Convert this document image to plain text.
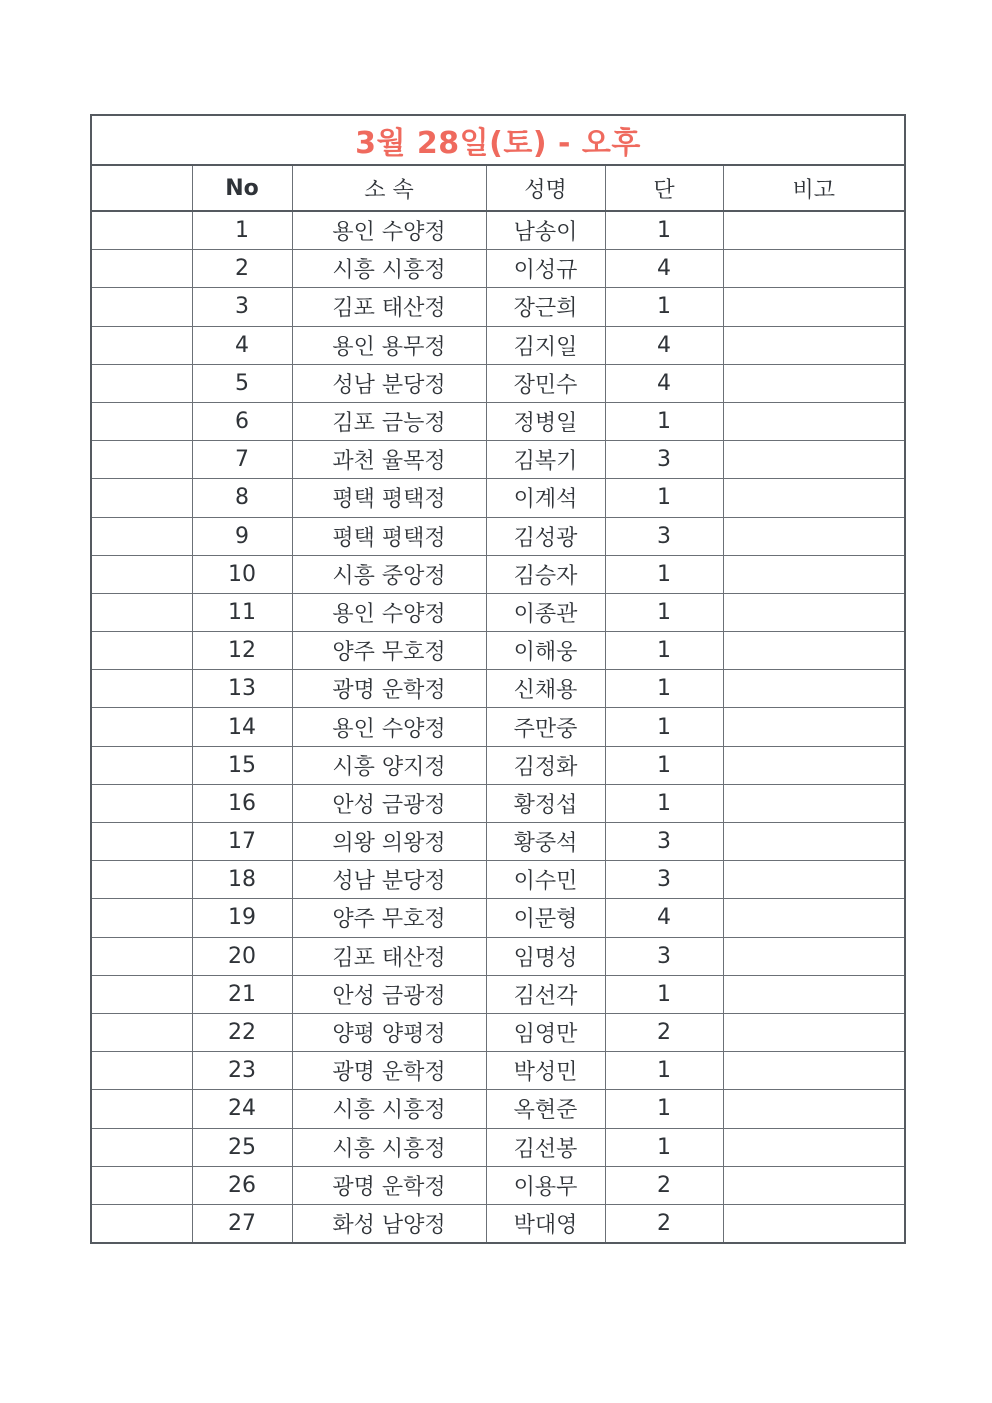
3월 28일(토) - 오후
	No	소 속	성명	단	비고
	1	용인 수양정	남송이	1	
	2	시흥 시흥정	이성규	4	
	3	김포 태산정	장근희	1	
	4	용인 용무정	김지일	4	
	5	성남 분당정	장민수	4	
	6	김포 금능정	정병일	1	
	7	과천 율목정	김복기	3	
	8	평택 평택정	이계석	1	
	9	평택 평택정	김성광	3	
	10	시흥 중앙정	김승자	1	
	11	용인 수양정	이종관	1	
	12	양주 무호정	이해웅	1	
	13	광명 운학정	신채용	1	
	14	용인 수양정	주만중	1	
	15	시흥 양지정	김정화	1	
	16	안성 금광정	황정섭	1	
	17	의왕 의왕정	황중석	3	
	18	성남 분당정	이수민	3	
	19	양주 무호정	이문형	4	
	20	김포 태산정	임명성	3	
	21	안성 금광정	김선각	1	
	22	양평 양평정	임영만	2	
	23	광명 운학정	박성민	1	
	24	시흥 시흥정	옥현준	1	
	25	시흥 시흥정	김선봉	1	
	26	광명 운학정	이용무	2	
	27	화성 남양정	박대영	2	
